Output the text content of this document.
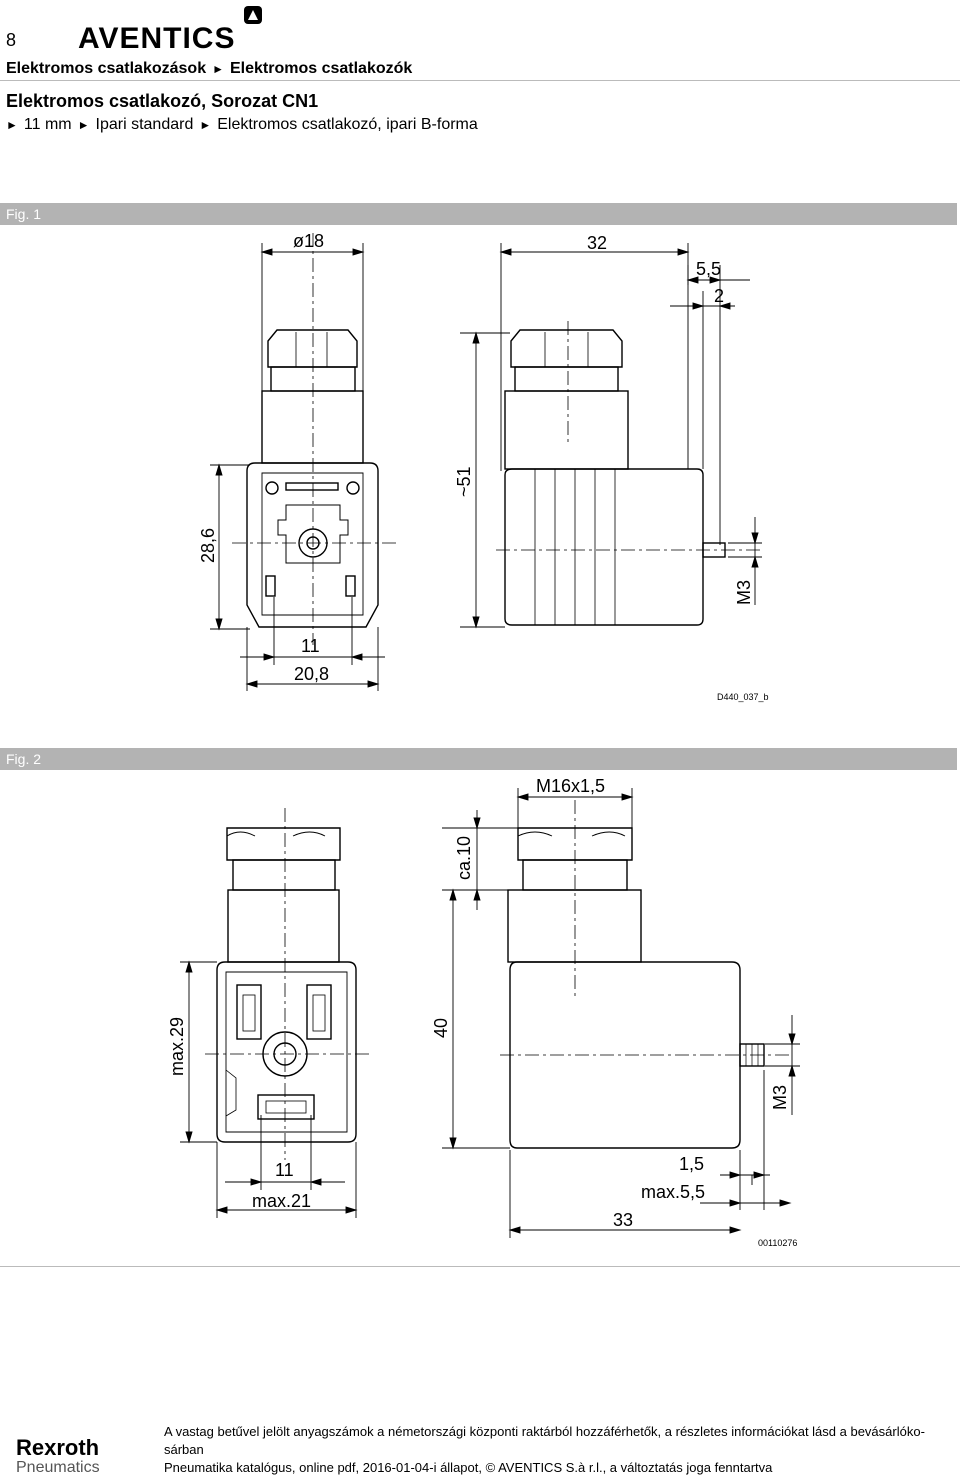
8 AVENTICS
Elektromos csatlakozások ► Elektromos csatlakozók
Elektromos csatlakozó, Sorozat CN1
► 11 mm ► Ipari standard ► Elektromos csatlakozó, ipari B-forma
Fig. 1
ø18	32
5,5
2
~51
28,6
M3
11
20,8
D440_037_b
Fig. 2
M16x1,5
ca.10
max.29	40
M3
11
max.21
1,5
max.5,5
33
00110276
Rexroth
Pneumatics
A vastag betűvel jelölt anyagszámok a németországi központi raktárból hozzáférhetők, a részletes információkat lásd a bevásárlóko-
sárban
Pneumatika katalógus, online pdf, 2016-01-04-i állapot, © AVENTICS S.à r.l., a változtatás joga fenntartva
